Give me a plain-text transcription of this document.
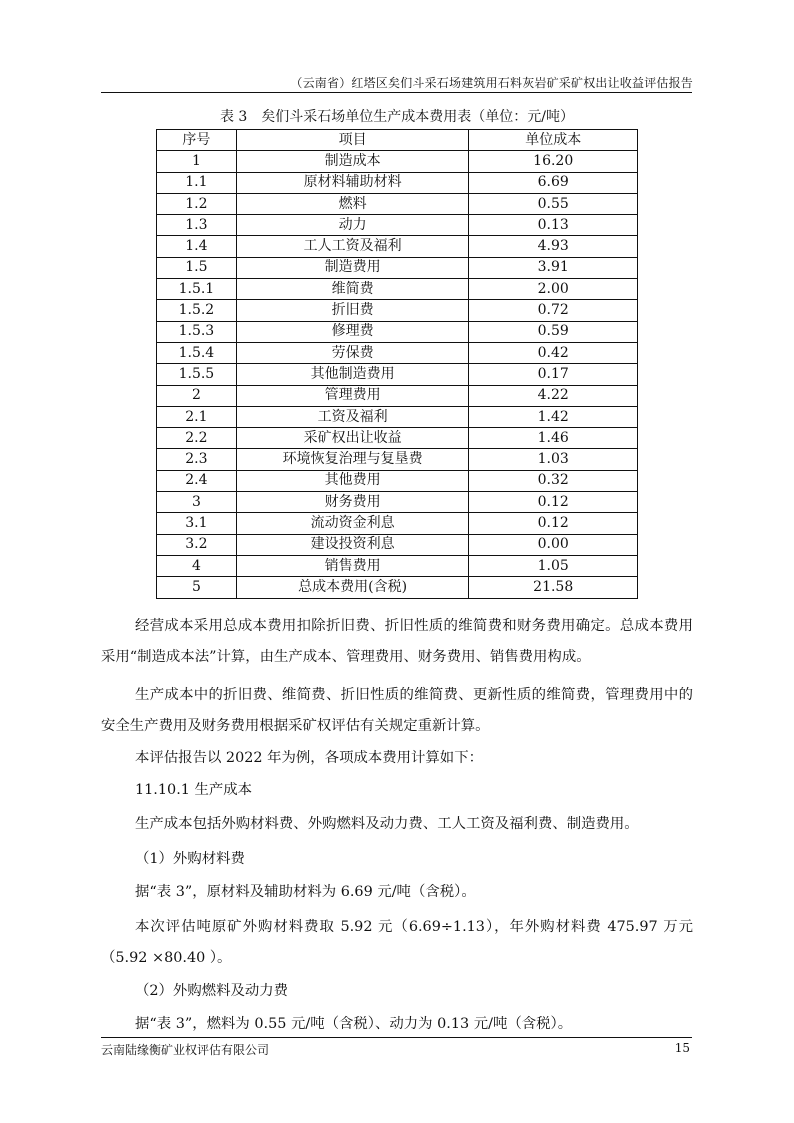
（云南省）红塔区矣们斗采石场建筑用石料灰岩矿采矿权出让收益评估报告
表 3　矣们斗采石场单位生产成本费用表（单位：元/吨）
序号	项目	单位成本
1	制造成本	16.20
1.1	原材料辅助材料	6.69
1.2	燃料	0.55
1.3	动力	0.13
1.4	工人工资及福利	4.93
1.5	制造费用	3.91
1.5.1	维简费	2.00
1.5.2	折旧费	0.72
1.5.3	修理费	0.59
1.5.4	劳保费	0.42
1.5.5	其他制造费用	0.17
2	管理费用	4.22
2.1	工资及福利	1.42
2.2	采矿权出让收益	1.46
2.3	环境恢复治理与复垦费	1.03
2.4	其他费用	0.32
3	财务费用	0.12
3.1	流动资金利息	0.12
3.2	建设投资利息	0.00
4	销售费用	1.05
5	总成本费用(含税)	21.58

经营成本采用总成本费用扣除折旧费、折旧性质的维简费和财务费用确定。总成本费用采用“制造成本法”计算，由生产成本、管理费用、财务费用、销售费用构成。

生产成本中的折旧费、维简费、折旧性质的维简费、更新性质的维简费，管理费用中的安全生产费用及财务费用根据采矿权评估有关规定重新计算。

本评估报告以 2022 年为例，各项成本费用计算如下：

11.10.1 生产成本

生产成本包括外购材料费、外购燃料及动力费、工人工资及福利费、制造费用。

（1）外购材料费

据“表 3”，原材料及辅助材料为 6.69 元/吨（含税）。

本次评估吨原矿外购材料费取 5.92 元（6.69÷1.13），年外购材料费 475.97 万元（5.92 ×80.40 ）。

（2）外购燃料及动力费

据“表 3”，燃料为 0.55 元/吨（含税）、动力为 0.13 元/吨（含税）。

云南陆缘衡矿业权评估有限公司	15
